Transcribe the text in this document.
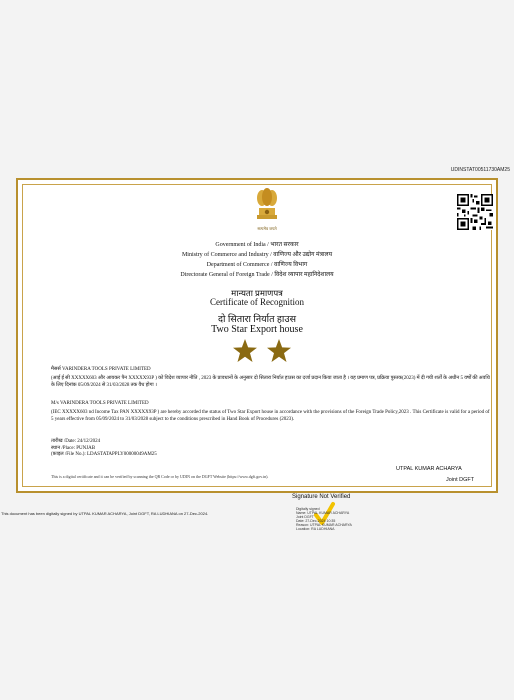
UDINSTAT00511730AM25
सत्यमेव जयते
Government of India / भारत सरकार
Ministry of Commerce and Industry / वाणिज्य और उद्योग मंत्रालय
Department of Commerce / वाणिज्य विभाग
Directorate General of Foreign Trade / विदेश व्यापार महानिदेशालय
मान्यता प्रमाणपत्र
Certificate of Recognition
दो सितारा निर्यात हाउस
Two Star Export house
मैसर्स VARINDERA TOOLS PRIVATE LIMITED
(आई ई सी XXXXX603 और आयकर पैन XXXXX93P ) को विदेश व्यापार नीति , 2023 के प्रावधानों के अनुसार दो सितारा निर्यात हाउस का दर्जा प्रदान किया जाता है । यह प्रमाण पत्र, प्रक्रिया पुस्तक(2023) में दी गयी शर्तों के अधीन 5 वर्षों की अवधि के लिए दिनांक 05/09/2024 से 31/03/2028 तक वैध होगा ।
M/s VARINDERA TOOLS PRIVATE LIMITED
(IEC XXXXX603 nd Income Tax PAN XXXXX93P ) are hereby accorded the status of Two Star Export house in accordance with the provisions of the Foreign Trade Policy,2023 . This Certificate is valid for a period of 5 years effective from 05/09/2024 to 31/03/2028 subject to the conditions prescribed in Hand Book of Procedures (2023).
तारीख /Date: 24/12/2024
स्थान /Place: PUNJAB
(फ़ाइल /File No.): LDASTATAPPLY00000049AM25
UTPAL KUMAR ACHARYA
Joint DGFT
This is a digital certificate and it can be verified by scanning the QR Code or by UDIN on the DGFT Website (https://www.dgft.gov.in).
This document has been digitally signed by UTPAL KUMAR ACHARYA, Joint DGFT, RA LUDHIANA on 27-Dec-2024.
Signature Not Verified
Digitally signed
Name: UTPAL KUMAR ACHARYA
Joint DGFT
Date: 27-Dec-2024 10:35
Reason: UTPAL KUMAR ACHARYA
Location: RA LUDHIANA
